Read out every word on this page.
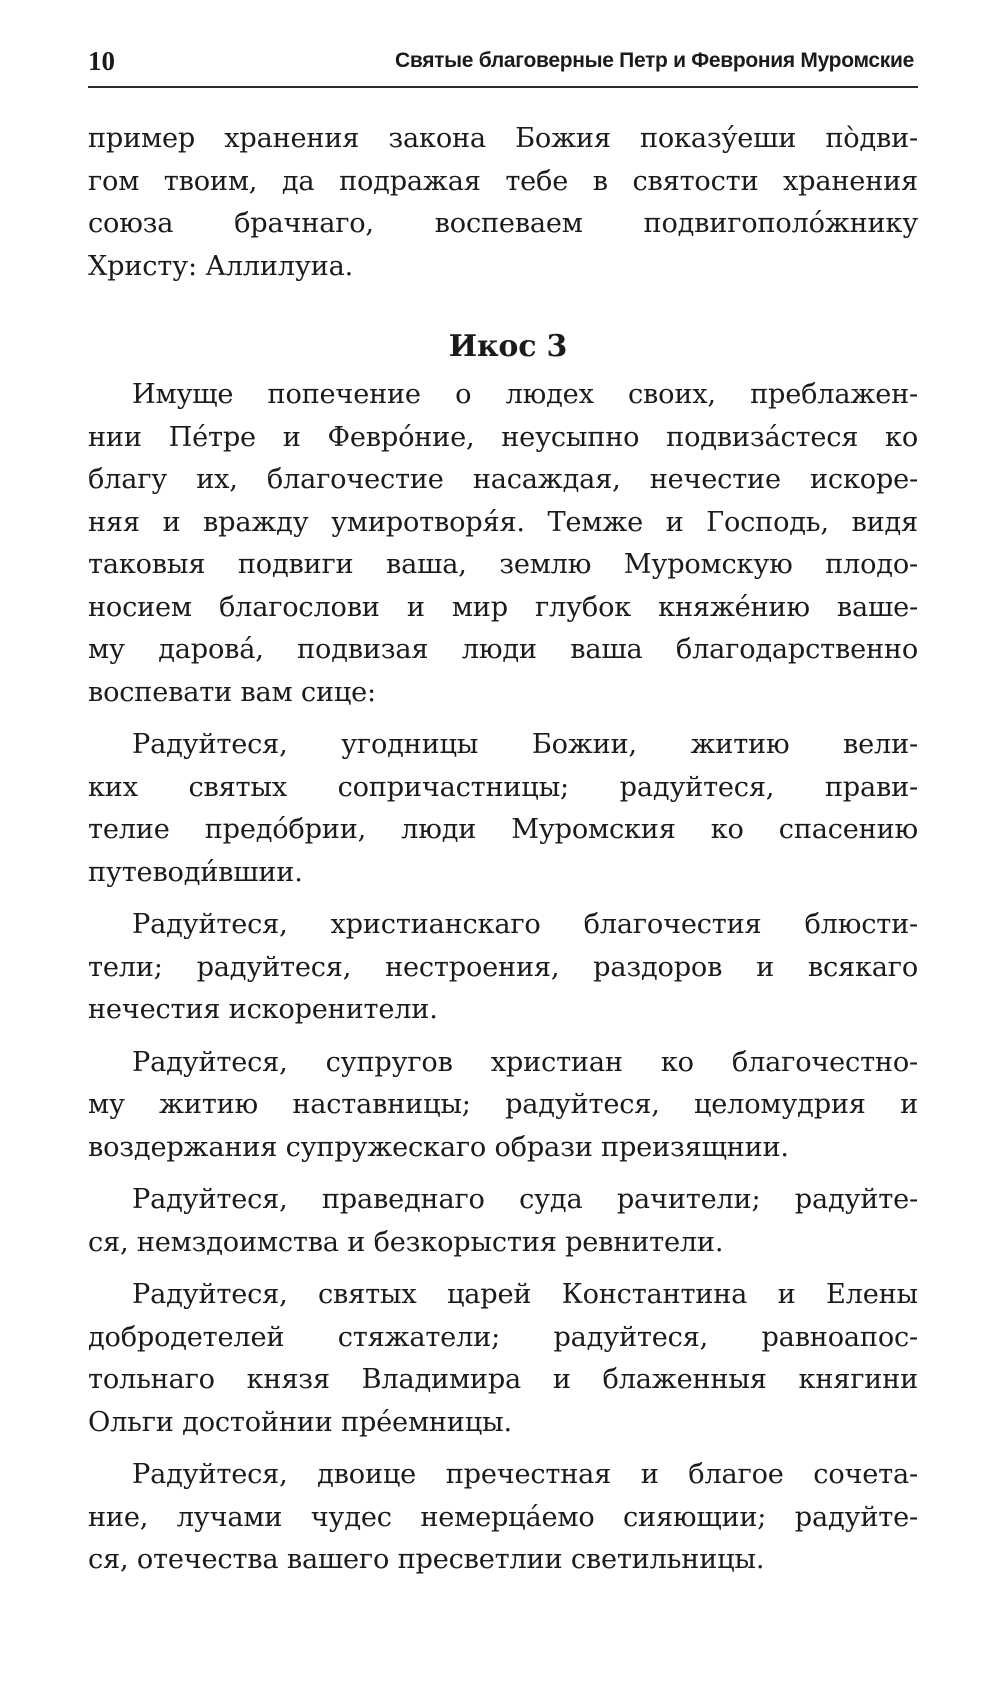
10	Святые благоверные Петр и Феврония Муромские
пример хранения закона Божия показу́еши по̀дви-
гом твоим, да подражая тебе в святости хранения
союза брачнаго, воспеваем подвигополо́жнику
Христу: Аллилуиа.
Икос 3
Имуще попечение о людех своих, преблажен-
нии Пе́тре и Февро́ние, неусыпно подвиза́стеся ко
благу их, благочестие насаждая, нечестие искоре-
няя и вражду умиротворя́я. Темже и Господь, видя
таковыя подвиги ваша, землю Муромскую плодо-
носием благослови и мир глубок княже́нию ваше-
му дарова́, подвизая люди ваша благодарственно
воспевати вам сице:
Радуйтеся, угодницы Божии, житию вели-
ких святых сопричастницы; радуйтеся, прави-
телие предо́брии, люди Муромския ко спасению
путеводи́вшии.
Радуйтеся, христианскаго благочестия блюсти-
тели; радуйтеся, нестроения, раздоров и всякаго
нечестия искоренители.
Радуйтеся, супругов христиан ко благочестно-
му житию наставницы; радуйтеся, целомудрия и
воздержания супружескаго образи преизящнии.
Радуйтеся, праведнаго суда рачители; радуйте-
ся, немздоимства и безкорыстия ревнители.
Радуйтеся, святых царей Константина и Елены
добродетелей стяжатели; радуйтеся, равноапос-
тольнаго князя Владимира и блаженныя княгини
Ольги достойнии пре́емницы.
Радуйтеся, двоице пречестная и благое сочета-
ние, лучами чудес немерца́емо сияющии; радуйте-
ся, отечества вашего пресветлии светильницы.
